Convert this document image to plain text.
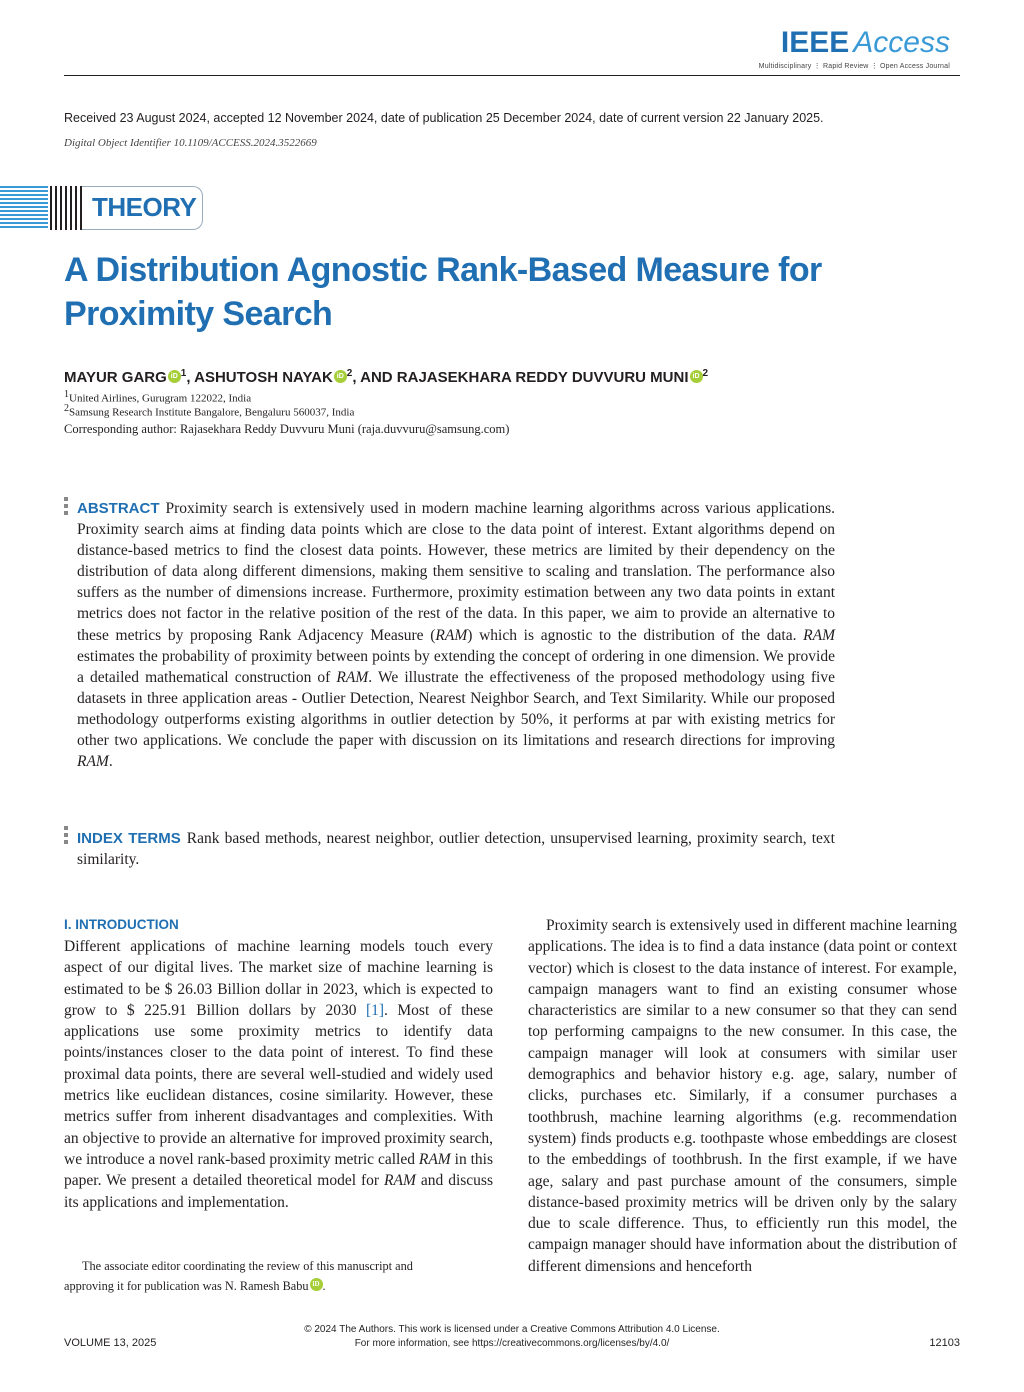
IEEE Access
Multidisciplinary ⋮ Rapid Review ⋮ Open Access Journal
Received 23 August 2024, accepted 12 November 2024, date of publication 25 December 2024, date of current version 22 January 2025.
Digital Object Identifier 10.1109/ACCESS.2024.3522669
THEORY
A Distribution Agnostic Rank-Based Measure for Proximity Search
MAYUR GARG iD $^1$, ASHUTOSH NAYAK iD $^2$, AND RAJASEKHARA REDDY DUVVURU MUNI iD $^2$
$^1$United Airlines, Gurugram 122022, India
$^2$Samsung Research Institute Bangalore, Bengaluru 560037, India
Corresponding author: Rajasekhara Reddy Duvvuru Muni (raja.duvvuru@samsung.com)
ABSTRACT Proximity search is extensively used in modern machine learning algorithms across various applications. Proximity search aims at finding data points which are close to the data point of interest. Extant algorithms depend on distance-based metrics to find the closest data points. However, these metrics are limited by their dependency on the distribution of data along different dimensions, making them sensitive to scaling and translation. The performance also suffers as the number of dimensions increase. Furthermore, proximity estimation between any two data points in extant metrics does not factor in the relative position of the rest of the data. In this paper, we aim to provide an alternative to these metrics by proposing Rank Adjacency Measure (RAM) which is agnostic to the distribution of the data. RAM estimates the probability of proximity between points by extending the concept of ordering in one dimension. We provide a detailed mathematical construction of RAM. We illustrate the effectiveness of the proposed methodology using five datasets in three application areas - Outlier Detection, Nearest Neighbor Search, and Text Similarity. While our proposed methodology outperforms existing algorithms in outlier detection by 50%, it performs at par with existing metrics for other two applications. We conclude the paper with discussion on its limitations and research directions for improving RAM.
INDEX TERMS Rank based methods, nearest neighbor, outlier detection, unsupervised learning, proximity search, text similarity.
I. INTRODUCTION

Different applications of machine learning models touch every aspect of our digital lives. The market size of machine learning is estimated to be $ 26.03 Billion dollar in 2023, which is expected to grow to $ 225.91 Billion dollars by 2030 [1]. Most of these applications use some proximity metrics to identify data points/instances closer to the data point of interest. To find these proximal data points, there are several well-studied and widely used metrics like euclidean distances, cosine similarity. However, these metrics suffer from inherent disadvantages and complexities. With an objective to provide an alternative for improved proximity search, we introduce a novel rank-based proximity metric called RAM in this paper. We present a detailed theoretical model for RAM and discuss its applications and implementation.

The associate editor coordinating the review of this manuscript and
approving it for publication was N. Ramesh Babu iD .

Proximity search is extensively used in different machine learning applications. The idea is to find a data instance (data point or context vector) which is closest to the data instance of interest. For example, campaign managers want to find an existing consumer whose characteristics are similar to a new consumer so that they can send top performing campaigns to the new consumer. In this case, the campaign manager will look at consumers with similar user demographics and behavior history e.g. age, salary, number of clicks, purchases etc. Similarly, if a consumer purchases a toothbrush, machine learning algorithms (e.g. recommendation system) finds products e.g. toothpaste whose embeddings are closest to the embeddings of toothbrush. In the first example, if we have age, salary and past purchase amount of the consumers, simple distance-based proximity metrics will be driven only by the salary due to scale difference. Thus, to efficiently run this model, the campaign manager should have information about the distribution of different dimensions and henceforth

© 2024 The Authors. This work is licensed under a Creative Commons Attribution 4.0 License.
For more information, see https://creativecommons.org/licenses/by/4.0/
VOLUME 13, 2025	12103
